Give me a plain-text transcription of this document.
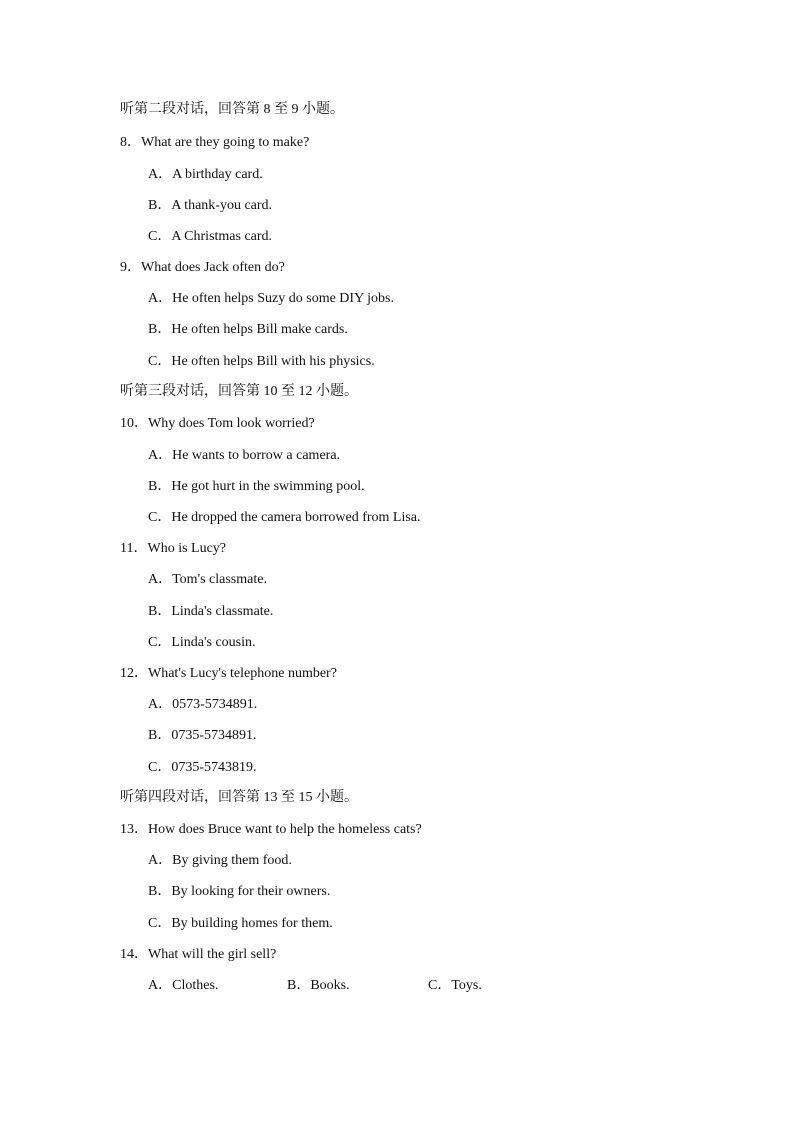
听第二段对话，回答第 8 至 9 小题。
8．What are they going to make?
A．A birthday card.
B．A thank-you card.
C．A Christmas card.
9．What does Jack often do?
A．He often helps Suzy do some DIY jobs.
B．He often helps Bill make cards.
C．He often helps Bill with his physics.
听第三段对话，回答第 10 至 12 小题。
10．Why does Tom look worried?
A．He wants to borrow a camera.
B．He got hurt in the swimming pool.
C．He dropped the camera borrowed from Lisa.
11．Who is Lucy?
A．Tom's classmate.
B．Linda's classmate.
C．Linda's cousin.
12．What's Lucy's telephone number?
A．0573-5734891.
B．0735-5734891.
C．0735-5743819.
听第四段对话，回答第 13 至 15 小题。
13．How does Bruce want to help the homeless cats?
A．By giving them food.
B．By looking for their owners.
C．By building homes for them.
14．What will the girl sell?
A．Clothes.	B．Books.	C．Toys.
